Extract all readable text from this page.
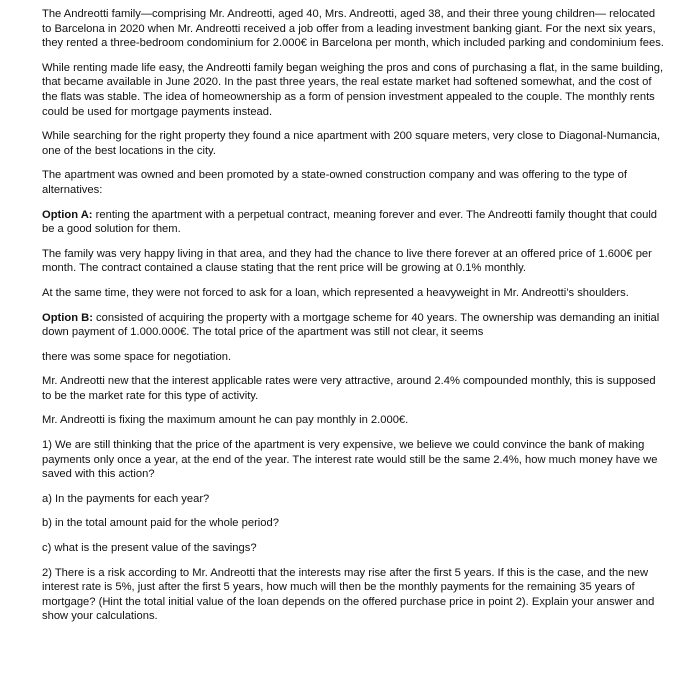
The Andreotti family—comprising Mr. Andreotti, aged 40, Mrs. Andreotti, aged 38, and their three young children— relocated to Barcelona in 2020 when Mr. Andreotti received a job offer from a leading investment banking giant. For the next six years, they rented a three-bedroom condominium for 2.000€ in Barcelona per month, which included parking and condominium fees.

While renting made life easy, the Andreotti family began weighing the pros and cons of purchasing a flat, in the same building, that became available in June 2020. In the past three years, the real estate market had softened somewhat, and the cost of the flats was stable. The idea of homeownership as a form of pension investment appealed to the couple. The monthly rents could be used for mortgage payments instead.

While searching for the right property they found a nice apartment with 200 square meters, very close to Diagonal-Numancia, one of the best locations in the city.

The apartment was owned and been promoted by a state-owned construction company and was offering to the type of alternatives:

Option A: renting the apartment with a perpetual contract, meaning forever and ever. The Andreotti family thought that could be a good solution for them.

The family was very happy living in that area, and they had the chance to live there forever at an offered price of 1.600€ per month. The contract contained a clause stating that the rent price will be growing at 0.1% monthly.

At the same time, they were not forced to ask for a loan, which represented a heavyweight in Mr. Andreotti’s shoulders.

Option B: consisted of acquiring the property with a mortgage scheme for 40 years. The ownership was demanding an initial down payment of 1.000.000€. The total price of the apartment was still not clear, it seems

there was some space for negotiation.

Mr. Andreotti new that the interest applicable rates were very attractive, around 2.4% compounded monthly, this is supposed to be the market rate for this type of activity.

Mr. Andreotti is fixing the maximum amount he can pay monthly in 2.000€.

1) We are still thinking that the price of the apartment is very expensive, we believe we could convince the bank of making payments only once a year, at the end of the year. The interest rate would still be the same 2.4%, how much money have we saved with this action?

a) In the payments for each year?

b) in the total amount paid for the whole period?

c) what is the present value of the savings?

2) There is a risk according to Mr. Andreotti that the interests may rise after the first 5 years. If this is the case, and the new interest rate is 5%, just after the first 5 years, how much will then be the monthly payments for the remaining 35 years of mortgage? (Hint the total initial value of the loan depends on the offered purchase price in point 2). Explain your answer and show your calculations.
